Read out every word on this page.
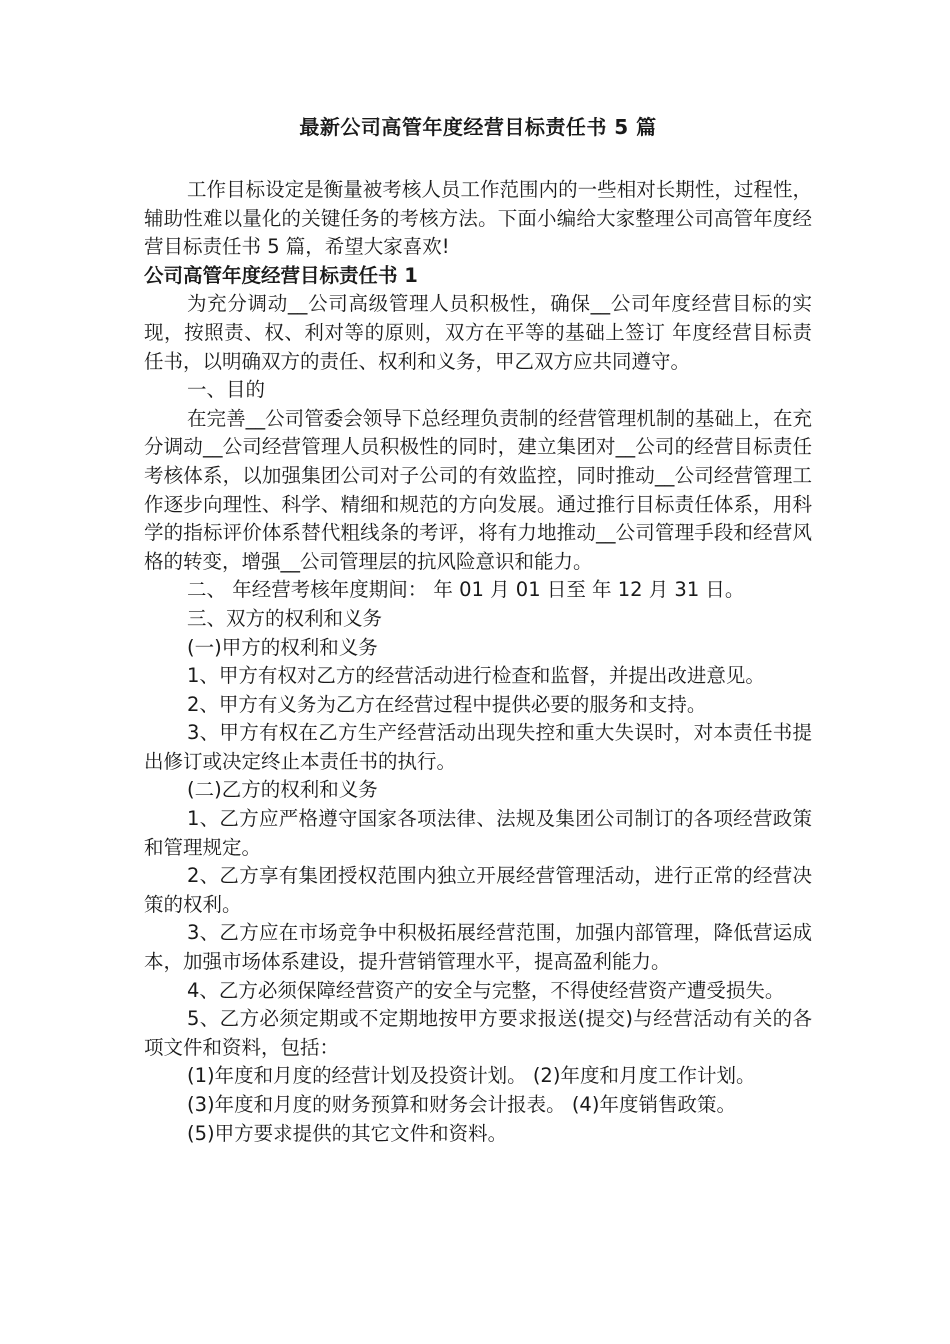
最新公司高管年度经营目标责任书 5 篇

工作目标设定是衡量被考核人员工作范围内的一些相对长期性，过程性，辅助性难以量化的关键任务的考核方法。下面小编给大家整理公司高管年度经营目标责任书 5 篇，希望大家喜欢!

公司高管年度经营目标责任书 1

为充分调动__公司高级管理人员积极性，确保__公司年度经营目标的实现，按照责、权、利对等的原则，双方在平等的基础上签订 年度经营目标责任书，以明确双方的责任、权利和义务，甲乙双方应共同遵守。

一、目的

在完善__公司管委会领导下总经理负责制的经营管理机制的基础上，在充分调动__公司经营管理人员积极性的同时，建立集团对__公司的经营目标责任考核体系，以加强集团公司对子公司的有效监控，同时推动__公司经营管理工作逐步向理性、科学、精细和规范的方向发展。通过推行目标责任体系，用科学的指标评价体系替代粗线条的考评，将有力地推动__公司管理手段和经营风格的转变，增强__公司管理层的抗风险意识和能力。

二、 年经营考核年度期间： 年 01 月 01 日至 年 12 月 31 日。

三、双方的权利和义务

(一)甲方的权利和义务

1、甲方有权对乙方的经营活动进行检查和监督，并提出改进意见。

2、甲方有义务为乙方在经营过程中提供必要的服务和支持。

3、甲方有权在乙方生产经营活动出现失控和重大失误时，对本责任书提出修订或决定终止本责任书的执行。

(二)乙方的权利和义务

1、乙方应严格遵守国家各项法律、法规及集团公司制订的各项经营政策和管理规定。

2、乙方享有集团授权范围内独立开展经营管理活动，进行正常的经营决策的权利。

3、乙方应在市场竞争中积极拓展经营范围，加强内部管理，降低营运成本，加强市场体系建设，提升营销管理水平，提高盈利能力。

4、乙方必须保障经营资产的安全与完整，不得使经营资产遭受损失。

5、乙方必须定期或不定期地按甲方要求报送(提交)与经营活动有关的各项文件和资料，包括：

(1)年度和月度的经营计划及投资计划。 (2)年度和月度工作计划。

(3)年度和月度的财务预算和财务会计报表。 (4)年度销售政策。

(5)甲方要求提供的其它文件和资料。
